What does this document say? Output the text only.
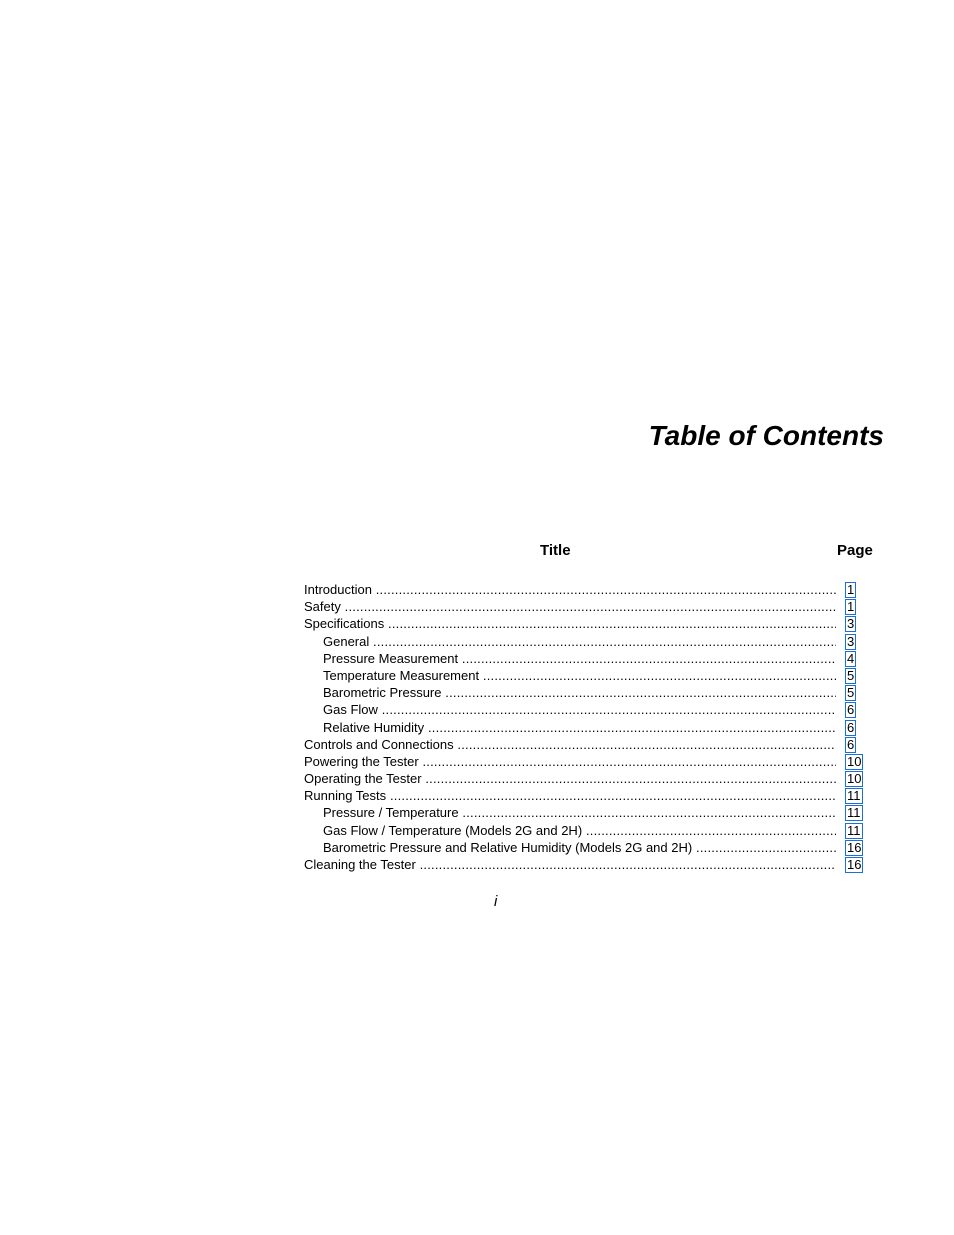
Table of Contents
Title	Page
Introduction .....	1
Safety .....	1
Specifications .....	3
General .....	3
Pressure Measurement .....	4
Temperature Measurement .....	5
Barometric Pressure .....	5
Gas Flow .....	6
Relative Humidity .....	6
Controls and Connections .....	6
Powering the Tester .....	10
Operating the Tester .....	10
Running Tests .....	11
Pressure / Temperature .....	11
Gas Flow / Temperature (Models 2G and 2H) .....	11
Barometric Pressure and Relative Humidity (Models 2G and 2H) .....	16
Cleaning the Tester .....	16
i
